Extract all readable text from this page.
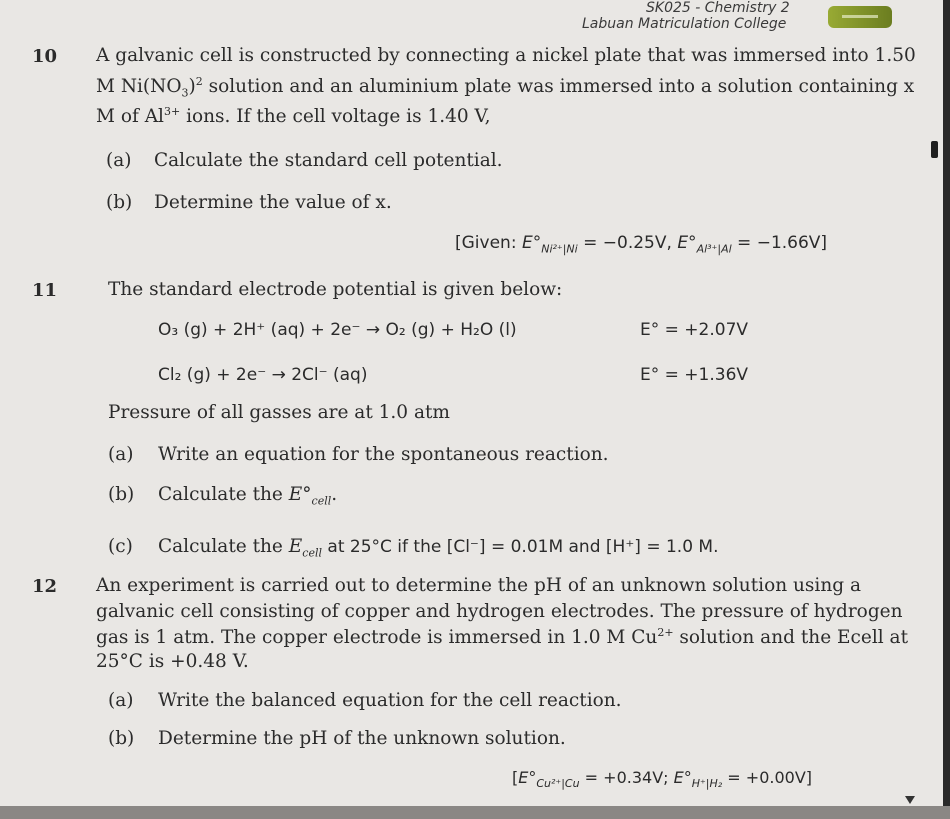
SK025 - Chemistry 2
Labuan Matriculation College
10 A galvanic cell is constructed by connecting a nickel plate that was immersed into 1.50
M $Ni(NO_3)^2$ solution and an aluminium plate was immersed into a solution containing x
M of $Al^{3+}$ ions. If the cell voltage is 1.40 V,
(a) Calculate the standard cell potential.
(b) Determine the value of x.
[Given: $E^\circ_{Ni^{2+}|Ni} = -0.25V$, $E^\circ_{Al^{3+}|Al} = -1.66V$]
11	The standard electrode potential is given below:
O₃ (g) + 2H⁺ (aq) + 2e⁻ → O₂ (g) + H₂O (l)	E° = +2.07V
Cl₂ (g) + 2e⁻ → 2Cl⁻ (aq)	E° = +1.36V
Pressure of all gasses are at 1.0 atm
(a) Write an equation for the spontaneous reaction.
(b) Calculate the $E^\circ_{cell}$.
(c) Calculate the $E_{cell}$ at 25°C if the [Cl⁻] = 0.01M and [H⁺] = 1.0 M.
12 An experiment is carried out to determine the pH of an unknown solution using a
galvanic cell consisting of copper and hydrogen electrodes. The pressure of hydrogen
gas is 1 atm. The copper electrode is immersed in 1.0 M $Cu^{2+}$ solution and the Ecell at
25°C is +0.48 V.
(a) Write the balanced equation for the cell reaction.
(b) Determine the pH of the unknown solution.
[$E^\circ_{Cu^{2+}|Cu} = +0.34V$; $E^\circ_{H^+|H_2} = +0.00V$]
